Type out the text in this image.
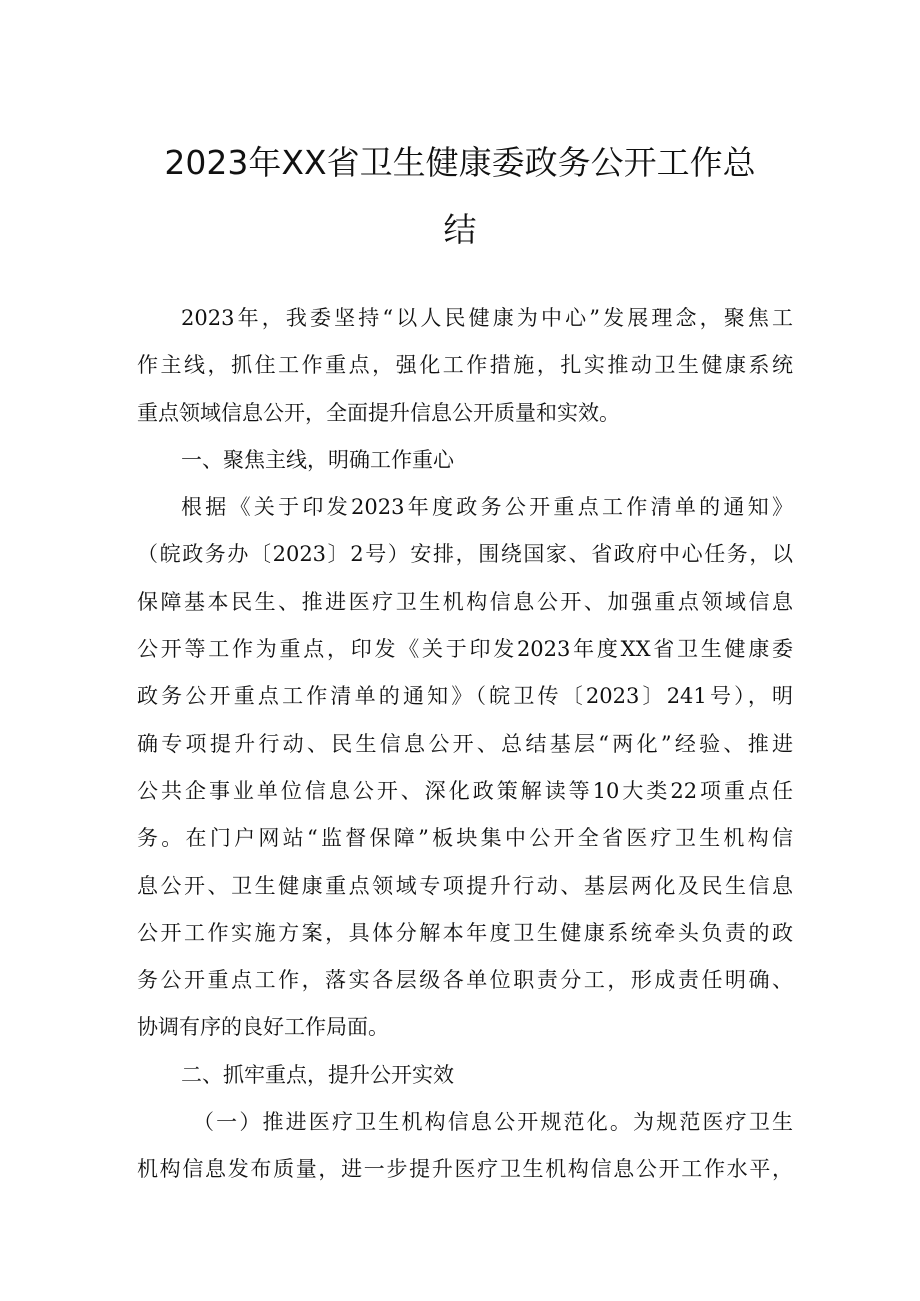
2023年XX省卫生健康委政务公开工作总
结
2023年，我委坚持“以人民健康为中心”发展理念，聚焦工
作主线，抓住工作重点，强化工作措施，扎实推动卫生健康系统
重点领域信息公开，全面提升信息公开质量和实效。
一、聚焦主线，明确工作重心
根据《关于印发2023年度政务公开重点工作清单的通知》
（皖政务办〔2023〕2号）安排，围绕国家、省政府中心任务，以
保障基本民生、推进医疗卫生机构信息公开、加强重点领域信息
公开等工作为重点，印发《关于印发2023年度XX省卫生健康委
政务公开重点工作清单的通知》（皖卫传〔2023〕241号），明
确专项提升行动、民生信息公开、总结基层“两化”经验、推进
公共企事业单位信息公开、深化政策解读等10大类22项重点任
务。在门户网站“监督保障”板块集中公开全省医疗卫生机构信
息公开、卫生健康重点领域专项提升行动、基层两化及民生信息
公开工作实施方案，具体分解本年度卫生健康系统牵头负责的政
务公开重点工作，落实各层级各单位职责分工，形成责任明确、
协调有序的良好工作局面。
二、抓牢重点，提升公开实效
（一）推进医疗卫生机构信息公开规范化。为规范医疗卫生
机构信息发布质量，进一步提升医疗卫生机构信息公开工作水平，
